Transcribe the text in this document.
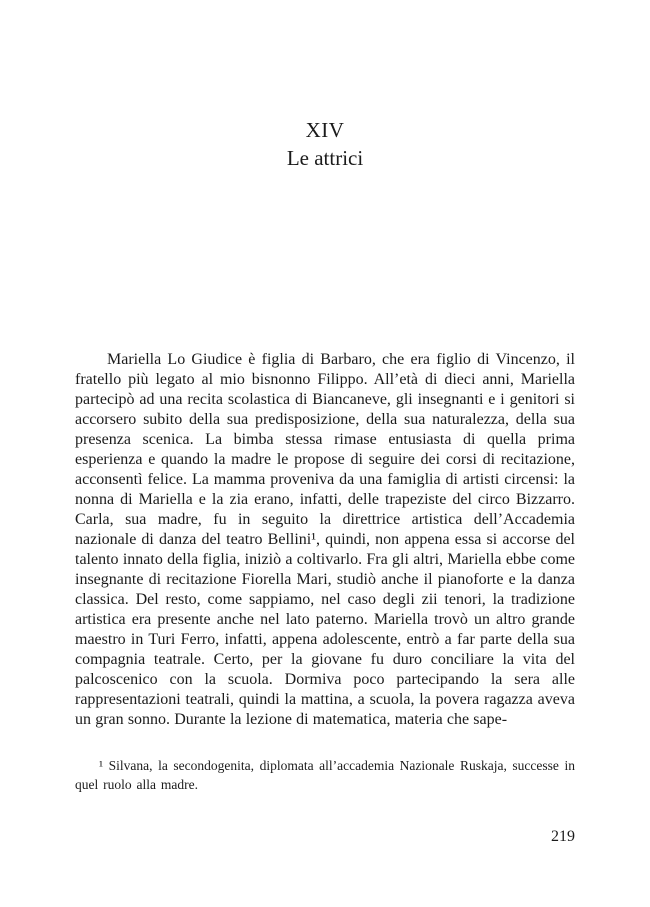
XIV
Le attrici

Mariella Lo Giudice è figlia di Barbaro, che era figlio di Vincenzo, il fratello più legato al mio bisnonno Filippo. All’età di dieci anni, Mariella partecipò ad una recita scolastica di Biancaneve, gli insegnanti e i genitori si accorsero subito della sua predisposizione, della sua naturalezza, della sua presenza scenica. La bimba stessa rimase entusiasta di quella prima esperienza e quando la madre le propose di seguire dei corsi di recitazione, acconsentì felice. La mamma proveniva da una famiglia di artisti circensi: la nonna di Mariella e la zia erano, infatti, delle trapeziste del circo Bizzarro. Carla, sua madre, fu in seguito la direttrice artistica dell’Accademia nazionale di danza del teatro Bellini¹, quindi, non appena essa si accorse del talento innato della figlia, iniziò a coltivarlo. Fra gli altri, Mariella ebbe come insegnante di recitazione Fiorella Mari, studiò anche il pianoforte e la danza classica. Del resto, come sappiamo, nel caso degli zii tenori, la tradizione artistica era presente anche nel lato paterno. Mariella trovò un altro grande maestro in Turi Ferro, infatti, appena adolescente, entrò a far parte della sua compagnia teatrale. Certo, per la giovane fu duro conciliare la vita del palcoscenico con la scuola. Dormiva poco partecipando la sera alle rappresentazioni teatrali, quindi la mattina, a scuola, la povera ragazza aveva un gran sonno. Durante la lezione di matematica, materia che sape-

¹ Silvana, la secondogenita, diplomata all’accademia Nazionale Ruskaja, successe in quel ruolo alla madre.

219
